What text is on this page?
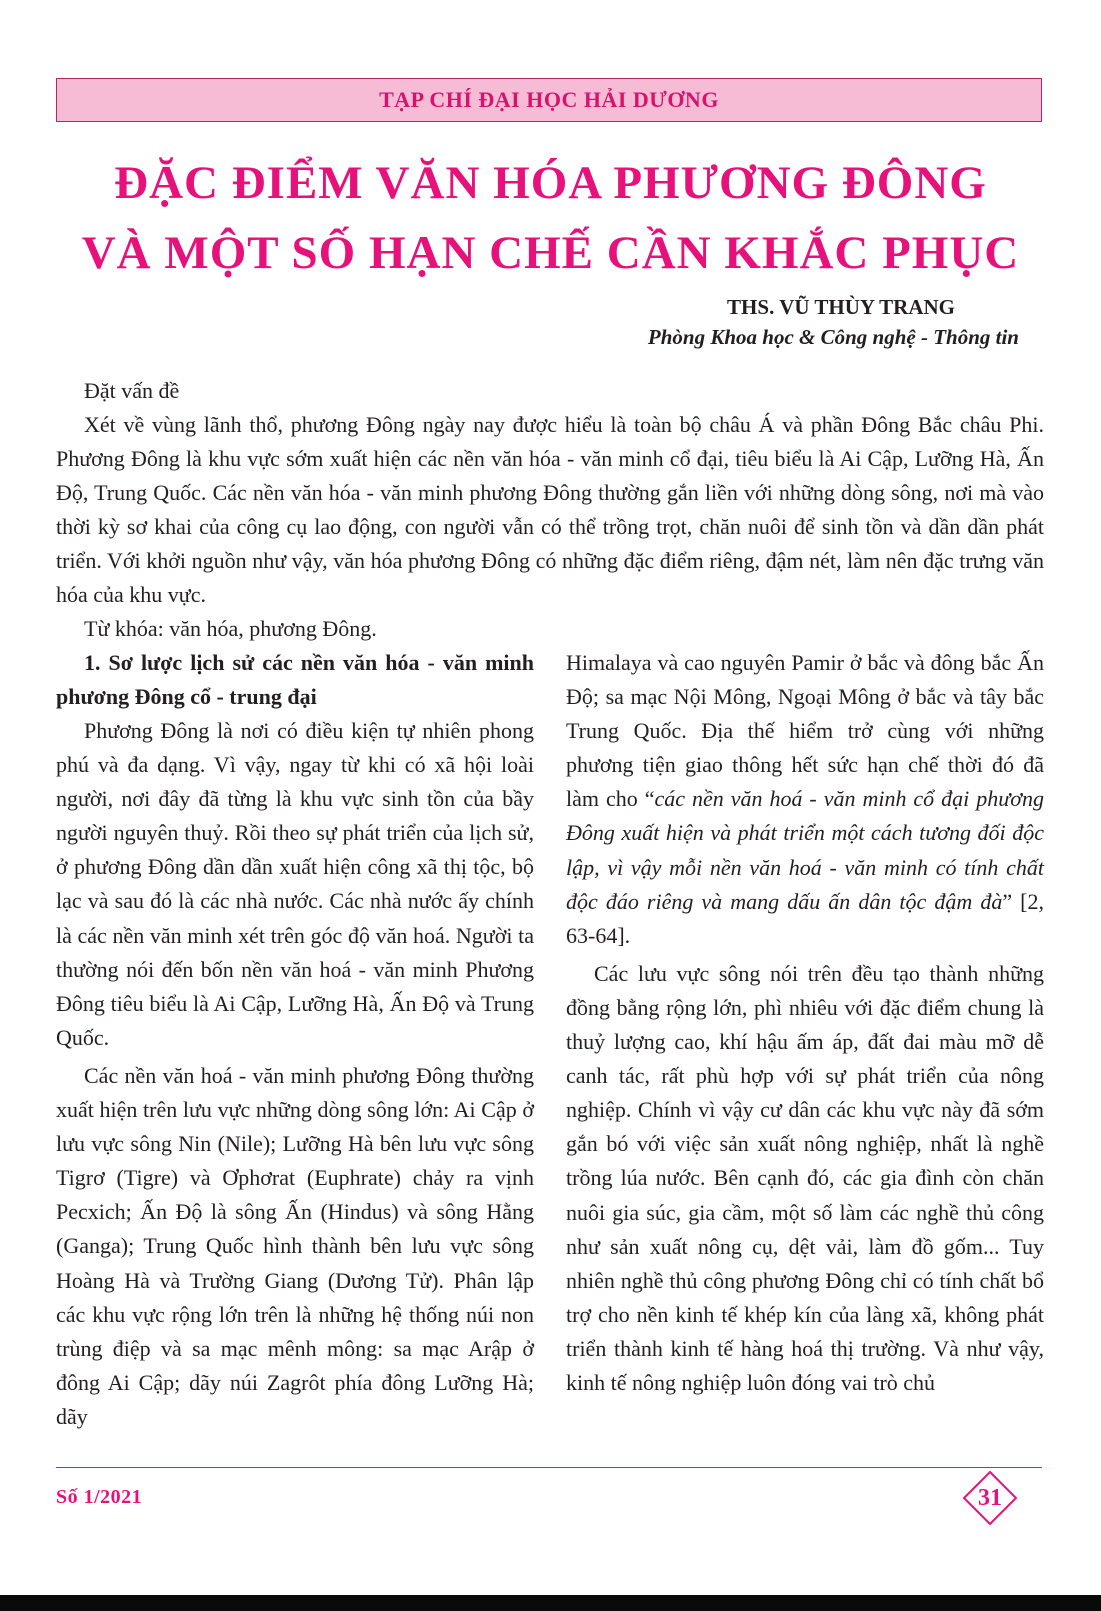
TẠP CHÍ ĐẠI HỌC HẢI DƯƠNG
ĐẶC ĐIỂM VĂN HÓA PHƯƠNG ĐÔNG
VÀ MỘT SỐ HẠN CHẾ CẦN KHẮC PHỤC
THS. VŨ THÙY TRANG
Phòng Khoa học & Công nghệ - Thông tin

Đặt vấn đề

Xét về vùng lãnh thổ, phương Đông ngày nay được hiểu là toàn bộ châu Á và phần Đông Bắc châu Phi. Phương Đông là khu vực sớm xuất hiện các nền văn hóa - văn minh cổ đại, tiêu biểu là Ai Cập, Lưỡng Hà, Ấn Độ, Trung Quốc. Các nền văn hóa - văn minh phương Đông thường gắn liền với những dòng sông, nơi mà vào thời kỳ sơ khai của công cụ lao động, con người vẫn có thể trồng trọt, chăn nuôi để sinh tồn và dần dần phát triển. Với khởi nguồn như vậy, văn hóa phương Đông có những đặc điểm riêng, đậm nét, làm nên đặc trưng văn hóa của khu vực.

Từ khóa: văn hóa, phương Đông.

1. Sơ lược lịch sử các nền văn hóa - văn minh phương Đông cổ - trung đại

Phương Đông là nơi có điều kiện tự nhiên phong phú và đa dạng. Vì vậy, ngay từ khi có xã hội loài người, nơi đây đã từng là khu vực sinh tồn của bầy người nguyên thuỷ. Rồi theo sự phát triển của lịch sử, ở phương Đông dần dần xuất hiện công xã thị tộc, bộ lạc và sau đó là các nhà nước. Các nhà nước ấy chính là các nền văn minh xét trên góc độ văn hoá. Người ta thường nói đến bốn nền văn hoá - văn minh Phương Đông tiêu biểu là Ai Cập, Lưỡng Hà, Ấn Độ và Trung Quốc.

Các nền văn hoá - văn minh phương Đông thường xuất hiện trên lưu vực những dòng sông lớn: Ai Cập ở lưu vực sông Nin (Nile); Lưỡng Hà bên lưu vực sông Tigrơ (Tigre) và Ơphơrat (Euphrate) chảy ra vịnh Pecxich; Ấn Độ là sông Ấn (Hindus) và sông Hằng (Ganga); Trung Quốc hình thành bên lưu vực sông Hoàng Hà và Trường Giang (Dương Tử). Phân lập các khu vực rộng lớn trên là những hệ thống núi non trùng điệp và sa mạc mênh mông: sa mạc Arập ở đông Ai Cập; dãy núi Zagrôt phía đông Lưỡng Hà; dãy

Himalaya và cao nguyên Pamir ở bắc và đông bắc Ấn Độ; sa mạc Nội Mông, Ngoại Mông ở bắc và tây bắc Trung Quốc. Địa thế hiểm trở cùng với những phương tiện giao thông hết sức hạn chế thời đó đã làm cho “các nền văn hoá - văn minh cổ đại phương Đông xuất hiện và phát triển một cách tương đối độc lập, vì vậy mỗi nền văn hoá - văn minh có tính chất độc đáo riêng và mang dấu ấn dân tộc đậm đà” [2, 63-64].

Các lưu vực sông nói trên đều tạo thành những đồng bằng rộng lớn, phì nhiêu với đặc điểm chung là thuỷ lượng cao, khí hậu ấm áp, đất đai màu mỡ dễ canh tác, rất phù hợp với sự phát triển của nông nghiệp. Chính vì vậy cư dân các khu vực này đã sớm gắn bó với việc sản xuất nông nghiệp, nhất là nghề trồng lúa nước. Bên cạnh đó, các gia đình còn chăn nuôi gia súc, gia cầm, một số làm các nghề thủ công như sản xuất nông cụ, dệt vải, làm đồ gốm... Tuy nhiên nghề thủ công phương Đông chỉ có tính chất bổ trợ cho nền kinh tế khép kín của làng xã, không phát triển thành kinh tế hàng hoá thị trường. Và như vậy, kinh tế nông nghiệp luôn đóng vai trò chủ

Số 1/2021	31
